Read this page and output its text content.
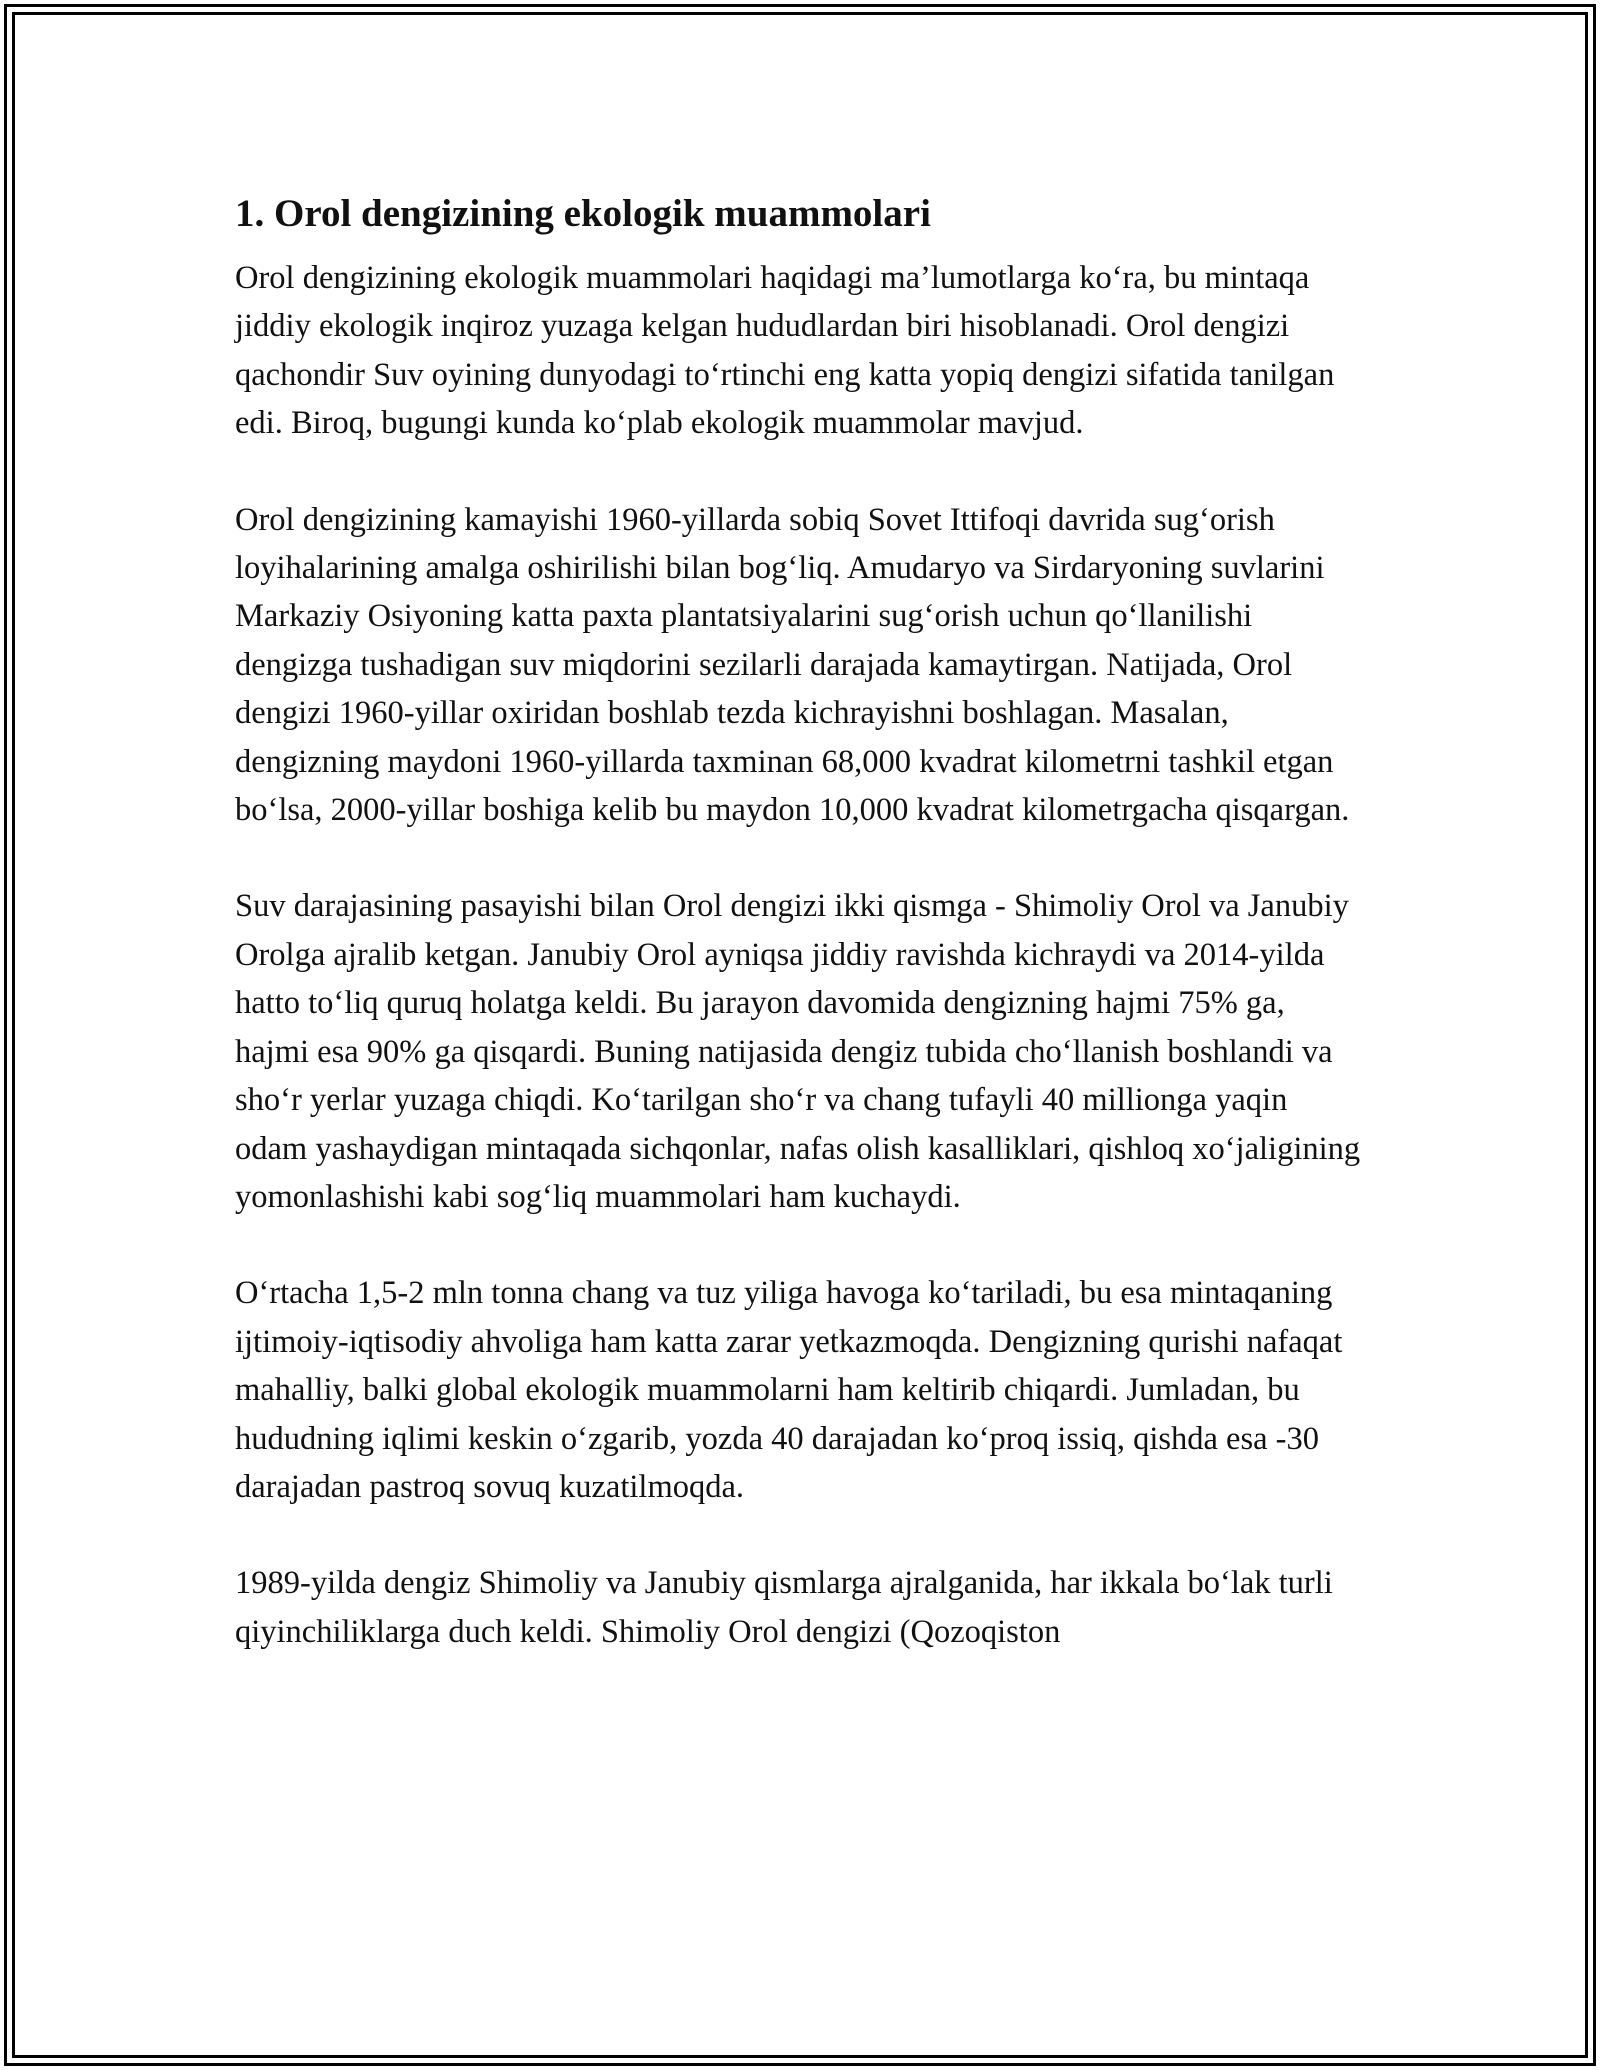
1. Orol dengizining ekologik muammolari

Orol dengizining ekologik muammolari haqidagi ma’lumotlarga ko‘ra, bu mintaqa jiddiy ekologik inqiroz yuzaga kelgan hududlardan biri hisoblanadi. Orol dengizi qachondir Suv oyining dunyodagi to‘rtinchi eng katta yopiq dengizi sifatida tanilgan edi. Biroq, bugungi kunda ko‘plab ekologik muammolar mavjud.

Orol dengizining kamayishi 1960-yillarda sobiq Sovet Ittifoqi davrida sug‘orish loyihalarining amalga oshirilishi bilan bog‘liq. Amudaryo va Sirdaryoning suvlarini Markaziy Osiyoning katta paxta plantatsiyalarini sug‘orish uchun qo‘llanilishi dengizga tushadigan suv miqdorini sezilarli darajada kamaytirgan. Natijada, Orol dengizi 1960-yillar oxiridan boshlab tezda kichrayishni boshlagan. Masalan, dengizning maydoni 1960-yillarda taxminan 68,000 kvadrat kilometrni tashkil etgan bo‘lsa, 2000-yillar boshiga kelib bu maydon 10,000 kvadrat kilometrgacha qisqargan.

Suv darajasining pasayishi bilan Orol dengizi ikki qismga - Shimoliy Orol va Janubiy Orolga ajralib ketgan. Janubiy Orol ayniqsa jiddiy ravishda kichraydi va 2014-yilda hatto to‘liq quruq holatga keldi. Bu jarayon davomida dengizning hajmi 75% ga, hajmi esa 90% ga qisqardi. Buning natijasida dengiz tubida cho‘llanish boshlandi va sho‘r yerlar yuzaga chiqdi. Ko‘tarilgan sho‘r va chang tufayli 40 millionga yaqin odam yashaydigan mintaqada sichqonlar, nafas olish kasalliklari, qishloq xo‘jaligining yomonlashishi kabi sog‘liq muammolari ham kuchaydi.

O‘rtacha 1,5-2 mln tonna chang va tuz yiliga havoga ko‘tariladi, bu esa mintaqaning ijtimoiy-iqtisodiy ahvoliga ham katta zarar yetkazmoqda. Dengizning qurishi nafaqat mahalliy, balki global ekologik muammolarni ham keltirib chiqardi. Jumladan, bu hududning iqlimi keskin o‘zgarib, yozda 40 darajadan ko‘proq issiq, qishda esa -30 darajadan pastroq sovuq kuzatilmoqda.

1989-yilda dengiz Shimoliy va Janubiy qismlarga ajralganida, har ikkala bo‘lak turli qiyinchiliklarga duch keldi. Shimoliy Orol dengizi (Qozoqiston
